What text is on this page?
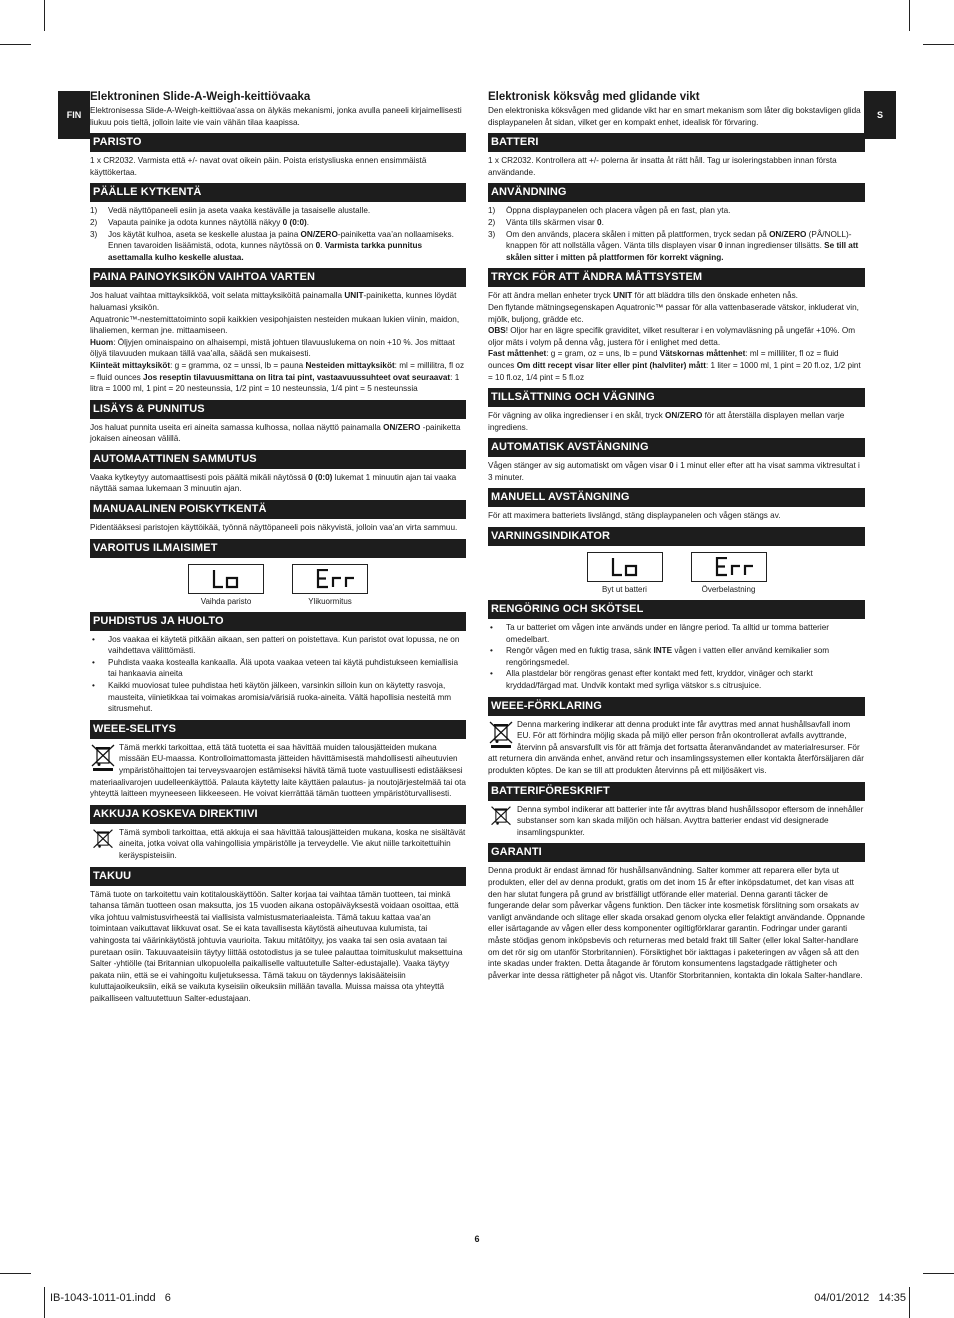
FIN	S
Elektroninen Slide-A-Weigh-keittiövaaka

Elektronisessa Slide-A-Weigh-keittiövaa’assa on älykäs mekanismi, jonka avulla paneeli kirjaimellisesti liukuu pois tieltä, jolloin laite vie vain vähän tilaa kaapissa.

PARISTO

1 x CR2032. Varmista että +/- navat ovat oikein päin. Poista eristysliuska ennen ensimmäistä käyttökertaa.

PÄÄLLE KYTKENTÄ
1) Vedä näyttöpaneeli esiin ja aseta vaaka kestävälle ja tasaiselle alustalle.
2) Vapauta painike ja odota kunnes näytöllä näkyy 0 (0:0).
3) Jos käytät kulhoa, aseta se keskelle alustaa ja paina ON/ZERO-painiketta vaa’an nollaamiseks. Ennen tavaroiden lisäämistä, odota, kunnes näytössä on 0. Varmista tarkka punnitus asettamalla kulho keskelle alustaa.
PAINA PAINOYKSIKÖN VAIHTOA VARTEN

Jos haluat vaihtaa mittayksikköä, voit selata mittayksiköitä painamalla UNIT-painiketta, kunnes löydät haluamasi yksikön.

Aquatronic™-nestemittatoiminto sopii kaikkien vesipohjaisten nesteiden mukaan lukien viinin, maidon, lihaliemen, kerman jne. mittaamiseen.

Huom: Öljyjen ominaispaino on alhaisempi, mistä johtuen tilavuuslukema on noin +10 %. Jos mittaat öljyä tilavuuden mukaan tällä vaa’alla, säädä sen mukaisesti.

Kiinteät mittayksiköt: g = gramma, oz = unssi, lb = pauna Nesteiden mittayksiköt: ml = millilitra, fl oz = fluid ounces Jos reseptin tilavuusmittana on litra tai pint, vastaavuussuhteet ovat seuraavat: 1 litra = 1000 ml, 1 pint = 20 nesteunssia, 1/2 pint = 10 nesteunssia, 1/4 pint = 5 nesteunssia

LISÄYS & PUNNITUS

Jos haluat punnita useita eri aineita samassa kulhossa, nollaa näyttö painamalla ON/ZERO -painiketta jokaisen aineosan välillä.

AUTOMAATTINEN SAMMUTUS

Vaaka kytkeytyy automaattisesti pois päältä mikäli näytössä 0 (0:0) lukemat 1 minuutin ajan tai vaaka näyttää samaa lukemaan 3 minuutin ajan.

MANUAALINEN POISKYTKENTÄ

Pidentääksesi paristojen käyttöikää, työnnä näyttöpaneeli pois näkyvistä, jolloin vaa’an virta sammuu.

VAROITUS ILMAISIMET
Vaihda paristo	Ylikuormitus
PUHDISTUS JA HUOLTO
• Jos vaakaa ei käytetä pitkään aikaan, sen patteri on poistettava. Kun paristot ovat lopussa, ne on vaihdettava välittömästi.
• Puhdista vaaka kostealla kankaalla. Älä upota vaakaa veteen tai käytä puhdistukseen kemiallisia tai hankaavia aineita
• Kaikki muoviosat tulee puhdistaa heti käytön jälkeen, varsinkin silloin kun on käytetty rasvoja, mausteita, viinietikkaa tai voimakas aromisia/värisiä ruoka-aineita. Vältä hapollisia nesteitä mm sitrusmehut.
WEEE-SELITYS
Tämä merkki tarkoittaa, että tätä tuotetta ei saa hävittää muiden talousjätteiden mukana missään EU-maassa. Kontrolloimattomasta jätteiden hävittämisestä mahdollisesti aiheutuvien ympäristöhaittojen tai terveysvaarojen estämiseksi hävitä tämä tuote vastuullisesti edistääksesi materiaalivarojen uudelleenkäyttöä. Palauta käytetty laite käyttäen palautus- ja noutojärjestelmää tai ota yhteyttä laitteen myyneeseen liikkeeseen. He voivat kierrättää tämän tuotteen ympäristöturvallisesti.
AKKUJA KOSKEVA DIREKTIIVI
Tämä symboli tarkoittaa, että akkuja ei saa hävittää talousjätteiden mukana, koska ne sisältävät aineita, jotka voivat olla vahingollisia ympäristölle ja terveydelle. Vie akut niille tarkoitettuihin keräyspisteisiin.
TAKUU

Tämä tuote on tarkoitettu vain kotitalouskäyttöön. Salter korjaa tai vaihtaa tämän tuotteen, tai minkä tahansa tämän tuotteen osan maksutta, jos 15 vuoden aikana ostopäiväyksestä voidaan osoittaa, että vika johtuu valmistusvirheestä tai viallisista valmistusmateriaaleista. Tämä takuu kattaa vaa’an toimintaan vaikuttavat liikkuvat osat. Se ei kata tavallisesta käytöstä aiheutuvaa kulumista, tai vahingosta tai väärinkäytöstä johtuvia vaurioita. Takuu mitätöityy, jos vaaka tai sen osia avataan tai puretaan osiin. Takuuvaateisiin täytyy liittää ostotodistus ja se tulee palauttaa toimituskulut maksettuina Salter -yhtiölle (tai Britannian ulkopuolella paikalliselle valtuutetulle Salter-edustajalle). Vaaka täytyy pakata niin, että se ei vahingoitu kuljetuksessa. Tämä takuu on täydennys lakisääteisiin kuluttajaoikeuksiin, eikä se vaikuta kyseisiin oikeuksiin millään tavalla. Muissa maissa ota yhteyttä paikalliseen valtuutettuun Salter-edustajaan.

Elektronisk köksvåg med glidande vikt

Den elektroniska köksvågen med glidande vikt har en smart mekanism som låter dig bokstavligen glida displaypanelen åt sidan, vilket ger en kompakt enhet, idealisk för förvaring.

BATTERI

1 x CR2032. Kontrollera att +/- polerna är insatta åt rätt håll. Tag ur isoleringstabben innan första användande.

ANVÄNDNING
1) Öppna displaypanelen och placera vågen på en fast, plan yta.
2) Vänta tills skärmen visar 0.
3) Om den används, placera skålen i mitten på plattformen, tryck sedan på ON/ZERO (PÅ/NOLL)-knappen för att nollställa vågen. Vänta tills displayen visar 0 innan ingredienser tillsätts. Se till att skålen sitter i mitten på plattformen för korrekt vägning.
TRYCK FÖR ATT ÄNDRA MÅTTSYSTEM

För att ändra mellan enheter tryck UNIT för att bläddra tills den önskade enheten nås.

Den flytande mätningsegenskapen Aquatronic™ passar för alla vattenbaserade vätskor, inkluderat vin, mjölk, buljong, grädde etc.

OBS! Oljor har en lägre specifik graviditet, vilket resulterar i en volymavläsning på ungefär +10%. Om oljor mäts i volym på denna våg, justera för i enlighet med detta.

Fast måttenhet: g = gram, oz = uns, lb = pund Vätskornas måttenhet: ml = milliliter, fl oz = fluid ounces Om ditt recept visar liter eller pint (halvliter) mått: 1 liter = 1000 ml, 1 pint = 20 fl.oz, 1/2 pint = 10 fl.oz, 1/4 pint = 5 fl.oz

TILLSÄTTNING OCH VÄGNING

För vägning av olika ingredienser i en skål, tryck ON/ZERO för att återställa displayen mellan varje ingrediens.

AUTOMATISK AVSTÄNGNING

Vågen stänger av sig automatiskt om vågen visar 0 i 1 minut eller efter att ha visat samma viktresultat i 3 minuter.

MANUELL AVSTÄNGNING

För att maximera batteriets livslängd, stäng displaypanelen och vågen stängs av.

VARNINGSINDIKATOR
Byt ut batteri	Överbelastning
RENGÖRING OCH SKÖTSEL
• Ta ur batteriet om vågen inte används under en längre period. Ta alltid ur tomma batterier omedelbart.
• Rengör vågen med en fuktig trasa, sänk INTE vågen i vatten eller använd kemikalier som rengöringsmedel.
• Alla plastdelar bör rengöras genast efter kontakt med fett, kryddor, vinäger och starkt kryddad/färgad mat. Undvik kontakt med syrliga vätskor s.s citrusjuice.
WEEE-FÖRKLARING
Denna markering indikerar att denna produkt inte får avyttras med annat hushållsavfall inom EU. För att förhindra möjlig skada på miljö eller person från okontrollerat avfalls avyttrande, återvinn på ansvarsfullt vis för att främja det fortsatta återanvändandet av materialresurser. För att returnera din använda enhet, använd retur och insamlingssystemen eller kontakta återförsäljaren där produkten köptes. De kan se till att produkten återvinns på ett miljösäkert vis.
BATTERIFÖRESKRIFT
Denna symbol indikerar att batterier inte får avyttras bland hushållssopor eftersom de innehåller substanser som kan skada miljön och hälsan. Avyttra batterier endast vid designerade insamlingspunkter.
GARANTI

Denna produkt är endast ämnad för hushållsanvändning. Salter kommer att reparera eller byta ut produkten, eller del av denna produkt, gratis om det inom 15 år efter inköpsdatumet, det kan visas att den har slutat fungera på grund av bristfälligt utförande eller material. Denna garanti täcker de fungerande delar som påverkar vågens funktion. Den täcker inte kosmetisk förslitning som orsakats av vanligt användande och slitage eller skada orsakad genom olycka eller felaktigt användande. Öppnande eller isärtagande av vågen eller dess komponenter ogiltigförklarar garantin. Fodringar under garanti måste stödjas genom inköpsbevis och returneras med betald frakt till Salter (eller lokal Salter-handlare om det rör sig om utanför Storbritannien). Försiktighet bör iakttagas i paketeringen av vågen så att den inte skadas under frakten. Detta åtagande är förutom konsumentens lagstadgade rättigheter och påverkar inte dessa rättigheter på något vis. Utanför Storbritannien, kontakta din lokala Salter-handlare.

6
IB-1043-1011-01.indd   6	04/01/2012   14:35
